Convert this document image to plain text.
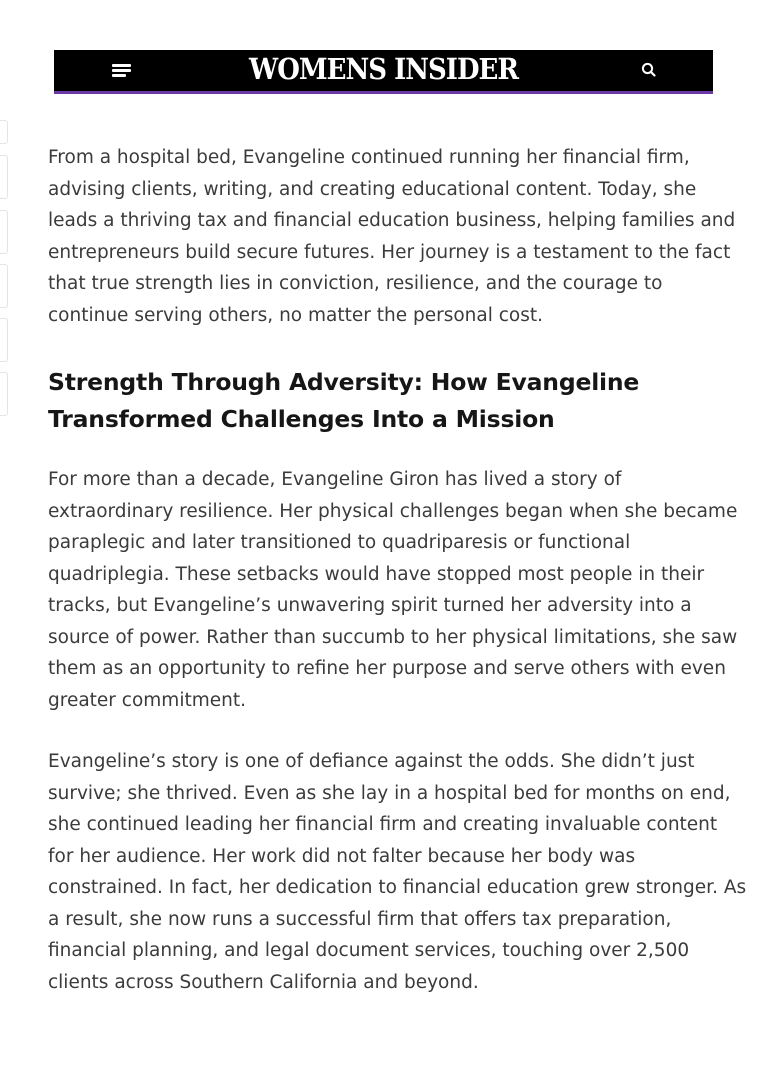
WOMENS INSIDER

From a hospital bed, Evangeline continued running her financial firm, advising clients, writing, and creating educational content. Today, she leads a thriving tax and financial education business, helping families and entrepreneurs build secure futures. Her journey is a testament to the fact that true strength lies in conviction, resilience, and the courage to continue serving others, no matter the personal cost.

Strength Through Adversity: How Evangeline Transformed Challenges Into a Mission

For more than a decade, Evangeline Giron has lived a story of extraordinary resilience. Her physical challenges began when she became paraplegic and later transitioned to quadriparesis or functional quadriplegia. These setbacks would have stopped most people in their tracks, but Evangeline’s unwavering spirit turned her adversity into a source of power. Rather than succumb to her physical limitations, she saw them as an opportunity to refine her purpose and serve others with even greater commitment.

Evangeline’s story is one of defiance against the odds. She didn’t just survive; she thrived. Even as she lay in a hospital bed for months on end, she continued leading her financial firm and creating invaluable content for her audience. Her work did not falter because her body was constrained. In fact, her dedication to financial education grew stronger. As a result, she now runs a successful firm that offers tax preparation, financial planning, and legal document services, touching over 2,500 clients across Southern California and beyond.
